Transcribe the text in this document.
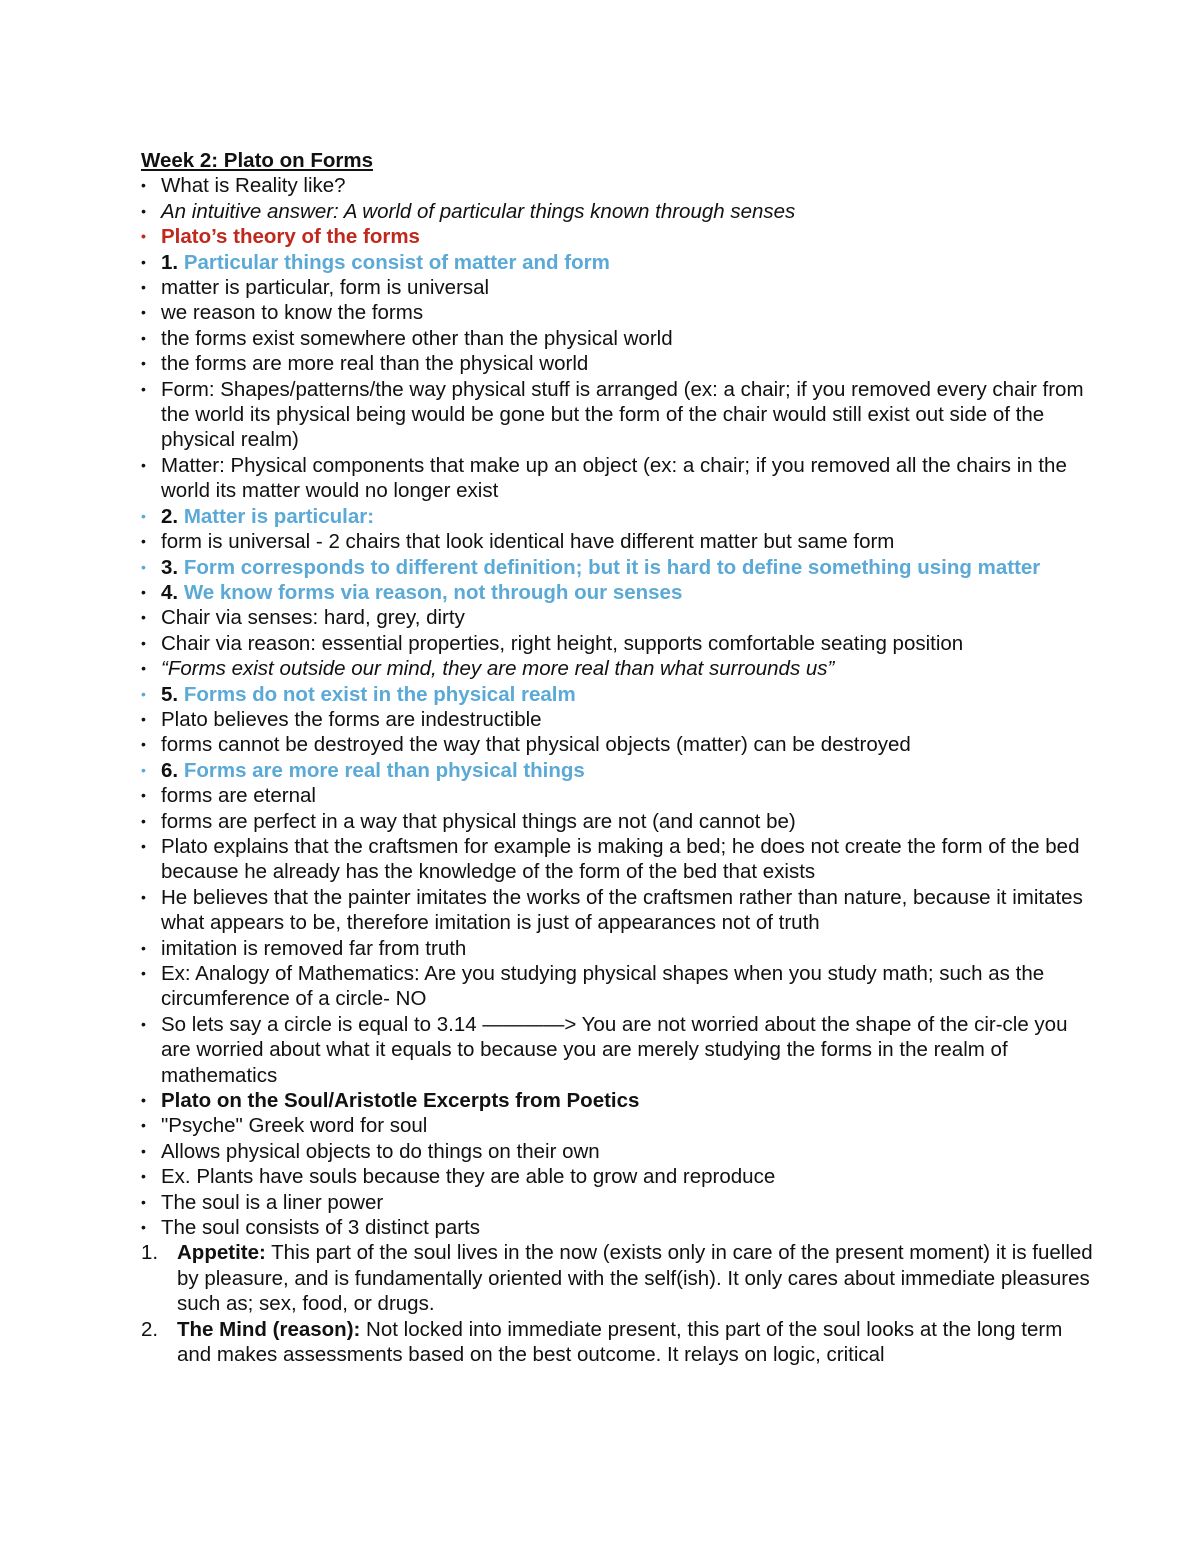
Week 2: Plato on Forms

• What is Reality like?

• An intuitive answer: A world of particular things known through senses

• Plato’s theory of the forms

• 1. Particular things consist of matter and form

• matter is particular, form is universal

• we reason to know the forms

• the forms exist somewhere other than the physical world

• the forms are more real than the physical world

• Form: Shapes/patterns/the way physical stuff is arranged (ex: a chair; if you removed every chair from the world its physical being would be gone but the form of the chair would still exist out side of the physical realm)

• Matter: Physical components that make up an object (ex: a chair; if you removed all the chairs in the world its matter would no longer exist

• 2. Matter is particular:

• form is universal - 2 chairs that look identical have different matter but same form

• 3. Form corresponds to different definition; but it is hard to define something using matter

• 4. We know forms via reason, not through our senses

• Chair via senses: hard, grey, dirty

• Chair via reason: essential properties, right height, supports comfortable seating position

• “Forms exist outside our mind, they are more real than what surrounds us”

• 5. Forms do not exist in the physical realm

• Plato believes the forms are indestructible

• forms cannot be destroyed the way that physical objects (matter) can be destroyed

• 6. Forms are more real than physical things

• forms are eternal

• forms are perfect in a way that physical things are not (and cannot be)

• Plato explains that the craftsmen for example is making a bed; he does not create the form of the bed because he already has the knowledge of the form of the bed that exists

• He believes that the painter imitates the works of the craftsmen rather than nature, because it imitates what appears to be, therefore imitation is just of appearances not of truth

• imitation is removed far from truth

• Ex: Analogy of Mathematics: Are you studying physical shapes when you study math; such as the circumference of a circle- NO

• So lets say a circle is equal to 3.14 ————> You are not worried about the shape of the cir-cle you are worried about what it equals to because you are merely studying the forms in the realm of mathematics

• Plato on the Soul/Aristotle Excerpts from Poetics

• "Psyche" Greek word for soul

• Allows physical objects to do things on their own

• Ex. Plants have souls because they are able to grow and reproduce

• The soul is a liner power

• The soul consists of 3 distinct parts

1. Appetite: This part of the soul lives in the now (exists only in care of the present moment) it is fuelled by pleasure, and is fundamentally oriented with the self(ish). It only cares about immediate pleasures such as; sex, food, or drugs.

2. The Mind (reason): Not locked into immediate present, this part of the soul looks at the long term and makes assessments based on the best outcome. It relays on logic, critical
